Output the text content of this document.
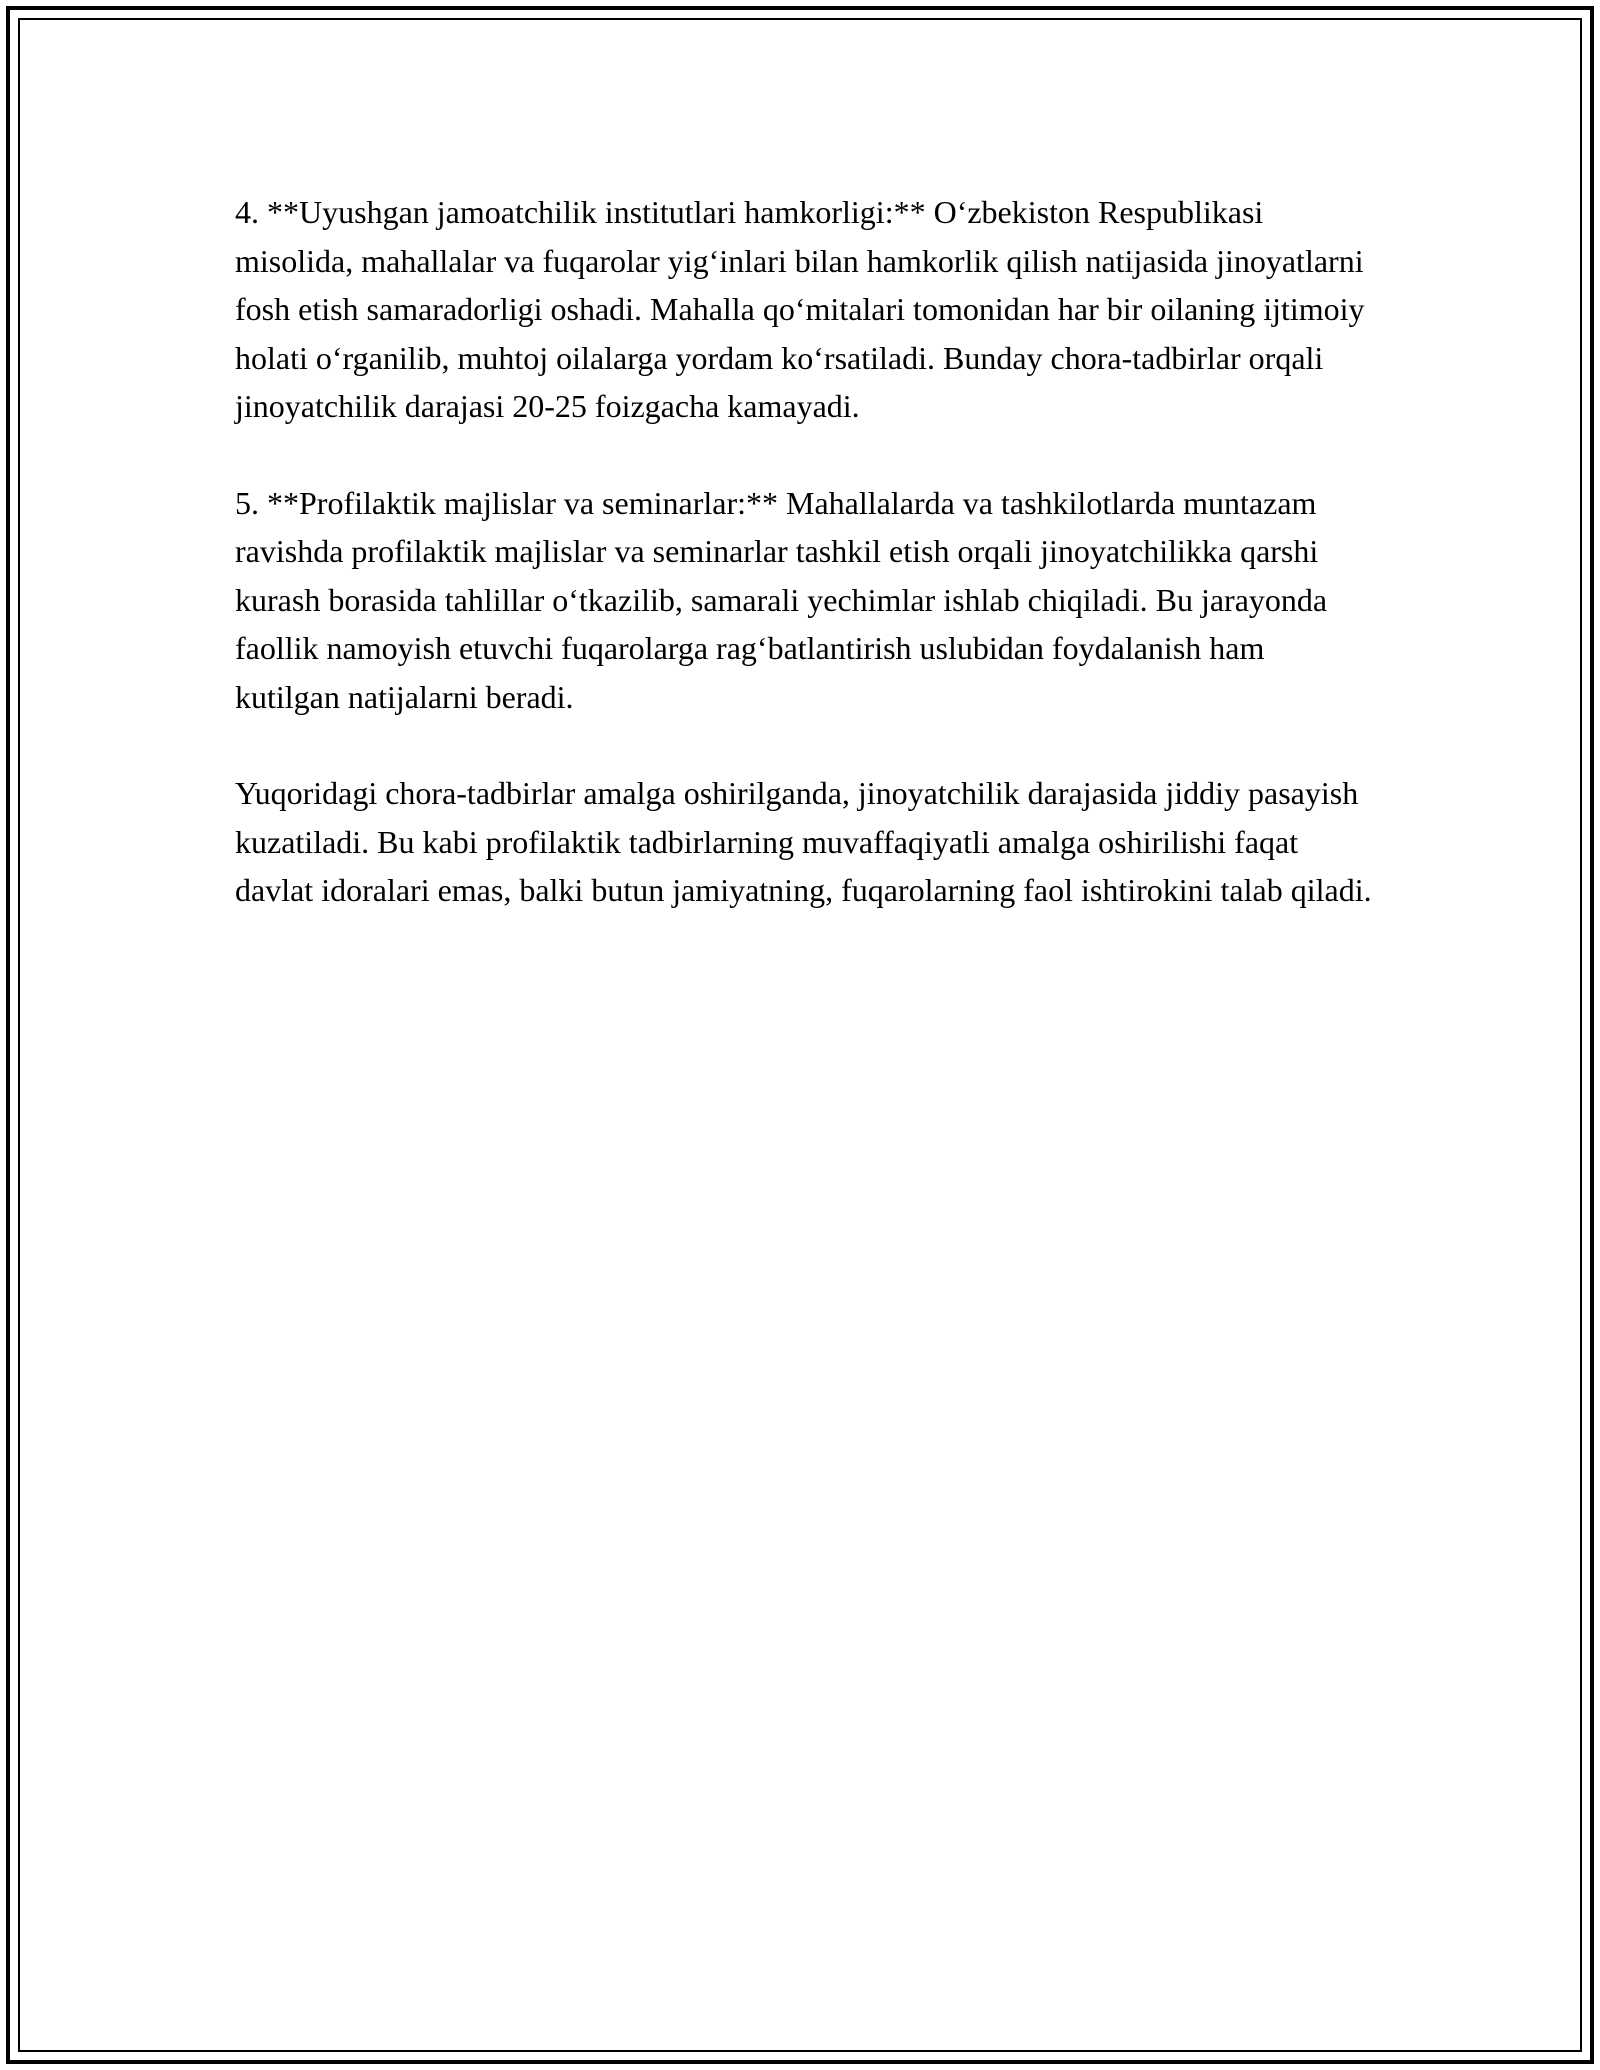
4. **Uyushgan jamoatchilik institutlari hamkorligi:** O‘zbekiston Respublikasi misolida, mahallalar va fuqarolar yig‘inlari bilan hamkorlik qilish natijasida jinoyatlarni fosh etish samaradorligi oshadi. Mahalla qo‘mitalari tomonidan har bir oilaning ijtimoiy holati o‘rganilib, muhtoj oilalarga yordam ko‘rsatiladi. Bunday chora-tadbirlar orqali jinoyatchilik darajasi 20-25 foizgacha kamayadi.

5. **Profilaktik majlislar va seminarlar:** Mahallalarda va tashkilotlarda muntazam ravishda profilaktik majlislar va seminarlar tashkil etish orqali jinoyatchilikka qarshi kurash borasida tahlillar o‘tkazilib, samarali yechimlar ishlab chiqiladi. Bu jarayonda faollik namoyish etuvchi fuqarolarga rag‘batlantirish uslubidan foydalanish ham kutilgan natijalarni beradi.

Yuqoridagi chora-tadbirlar amalga oshirilganda, jinoyatchilik darajasida jiddiy pasayish kuzatiladi. Bu kabi profilaktik tadbirlarning muvaffaqiyatli amalga oshirilishi faqat davlat idoralari emas, balki butun jamiyatning, fuqarolarning faol ishtirokini talab qiladi.
